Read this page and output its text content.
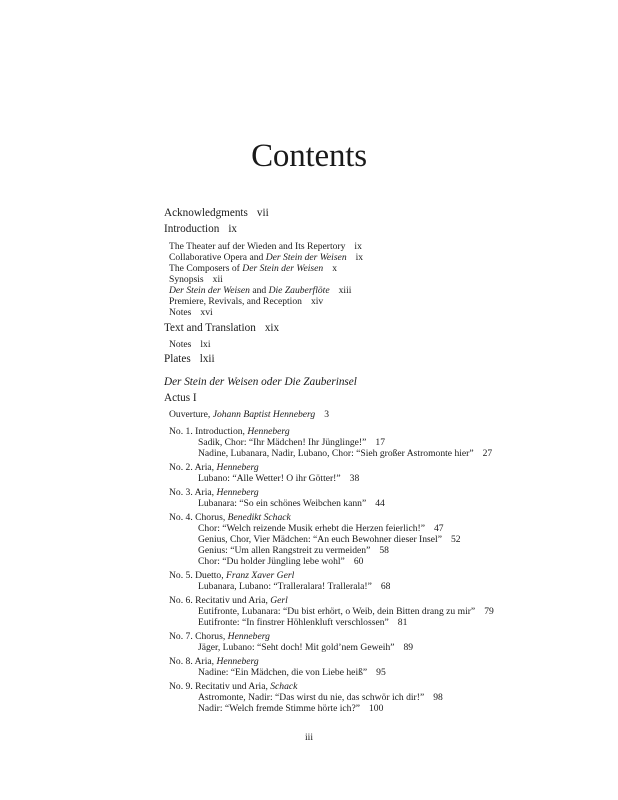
Contents
Acknowledgments vii
Introduction ix
The Theater auf der Wieden and Its Repertory ix
Collaborative Opera and Der Stein der Weisen ix
The Composers of Der Stein der Weisen x
Synopsis xii
Der Stein der Weisen and Die Zauberflöte xiii
Premiere, Revivals, and Reception xiv
Notes xvi
Text and Translation xix
Notes lxi
Plates lxii
Der Stein der Weisen oder Die Zauberinsel
Actus I
Ouverture, Johann Baptist Henneberg 3
No. 1. Introduction, Henneberg
Sadik, Chor: “Ihr Mädchen! Ihr Jünglinge!” 17
Nadine, Lubanara, Nadir, Lubano, Chor: “Sieh großer Astromonte hier” 27
No. 2. Aria, Henneberg
Lubano: “Alle Wetter! O ihr Götter!” 38
No. 3. Aria, Henneberg
Lubanara: “So ein schönes Weibchen kann” 44
No. 4. Chorus, Benedikt Schack
Chor: “Welch reizende Musik erhebt die Herzen feierlich!” 47
Genius, Chor, Vier Mädchen: “An euch Bewohner dieser Insel” 52
Genius: “Um allen Rangstreit zu vermeiden” 58
Chor: “Du holder Jüngling lebe wohl” 60
No. 5. Duetto, Franz Xaver Gerl
Lubanara, Lubano: “Tralleralara! Trallerala!” 68
No. 6. Recitativ und Aria, Gerl
Eutifronte, Lubanara: “Du bist erhört, o Weib, dein Bitten drang zu mir” 79
Eutifronte: “In finstrer Höhlenkluft verschlossen” 81
No. 7. Chorus, Henneberg
Jäger, Lubano: “Seht doch! Mit gold’nem Geweih” 89
No. 8. Aria, Henneberg
Nadine: “Ein Mädchen, die von Liebe heiß” 95
No. 9. Recitativ und Aria, Schack
Astromonte, Nadir: “Das wirst du nie, das schwör ich dir!” 98
Nadir: “Welch fremde Stimme hörte ich?” 100
iii
